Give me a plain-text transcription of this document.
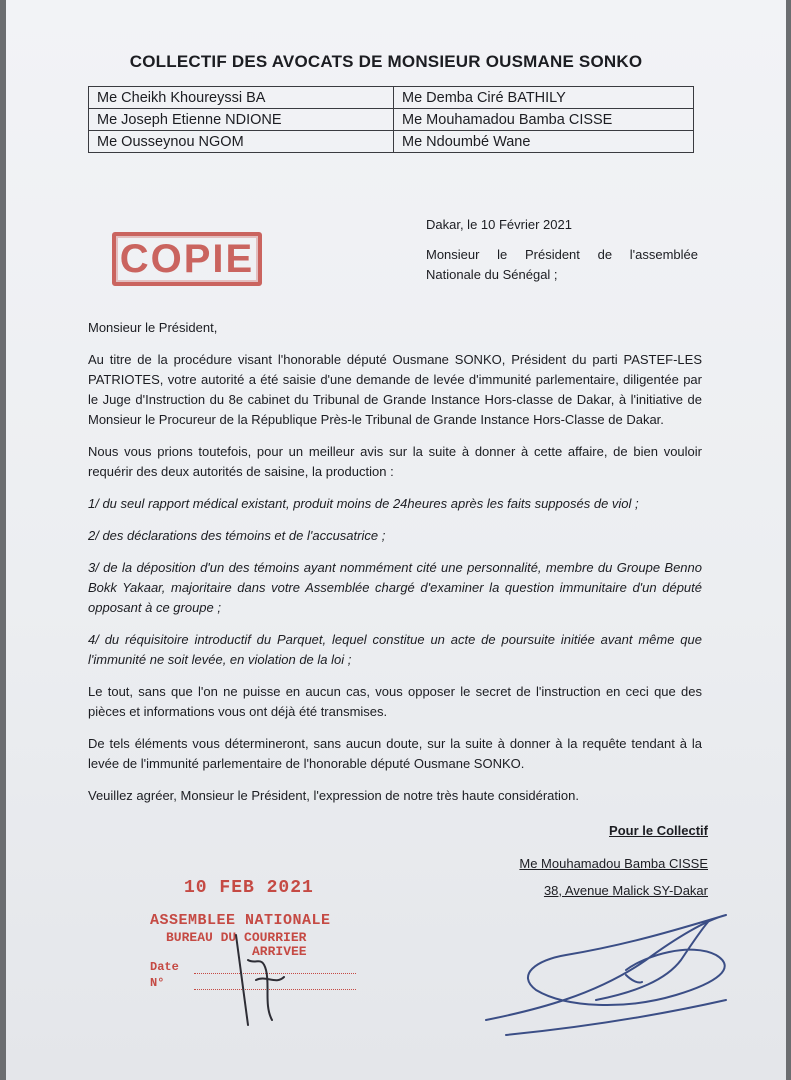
COLLECTIF DES AVOCATS DE MONSIEUR OUSMANE SONKO
Me Cheikh Khoureyssi BA	Me Demba Ciré BATHILY
Me Joseph Etienne NDIONE	Me Mouhamadou Bamba CISSE
Me Ousseynou NGOM	Me Ndoumbé Wane
Dakar, le 10 Février 2021
Monsieur le Président de l'assemblée
Nationale du Sénégal ;
COPIE

Monsieur le Président,

Au titre de la procédure visant l'honorable député Ousmane SONKO, Président du parti PASTEF-LES PATRIOTES, votre autorité a été saisie d'une demande de levée d'immunité parlementaire, diligentée par le Juge d'Instruction du 8e cabinet du Tribunal de Grande Instance Hors-classe de Dakar, à l'initiative de Monsieur le Procureur de la République Près-le Tribunal de Grande Instance Hors-Classe de Dakar.

Nous vous prions toutefois, pour un meilleur avis sur la suite à donner à cette affaire, de bien vouloir requérir des deux autorités de saisine, la production :

1/ du seul rapport médical existant, produit moins de 24heures après les faits supposés de viol ;

2/ des déclarations des témoins et de l'accusatrice ;

3/ de la déposition d'un des témoins ayant nommément cité une personnalité, membre du Groupe Benno Bokk Yakaar, majoritaire dans votre Assemblée chargé d'examiner la question immunitaire d'un député opposant à ce groupe ;

4/ du réquisitoire introductif du Parquet, lequel constitue un acte de poursuite initiée avant même que l'immunité ne soit levée, en violation de la loi ;

Le tout, sans que l'on ne puisse en aucun cas, vous opposer le secret de l'instruction en ceci que des pièces et informations vous ont déjà été transmises.

De tels éléments vous détermineront, sans aucun doute, sur la suite à donner à la requête tendant à la levée de l'immunité parlementaire de l'honorable député Ousmane SONKO.

Veuillez agréer, Monsieur le Président, l'expression de notre très haute considération.

Pour le Collectif
Me Mouhamadou Bamba CISSE
38, Avenue Malick SY-Dakar
10 FEB 2021
ASSEMBLEE NATIONALE
BUREAU DU COURRIER
ARRIVEE
Date
N°
